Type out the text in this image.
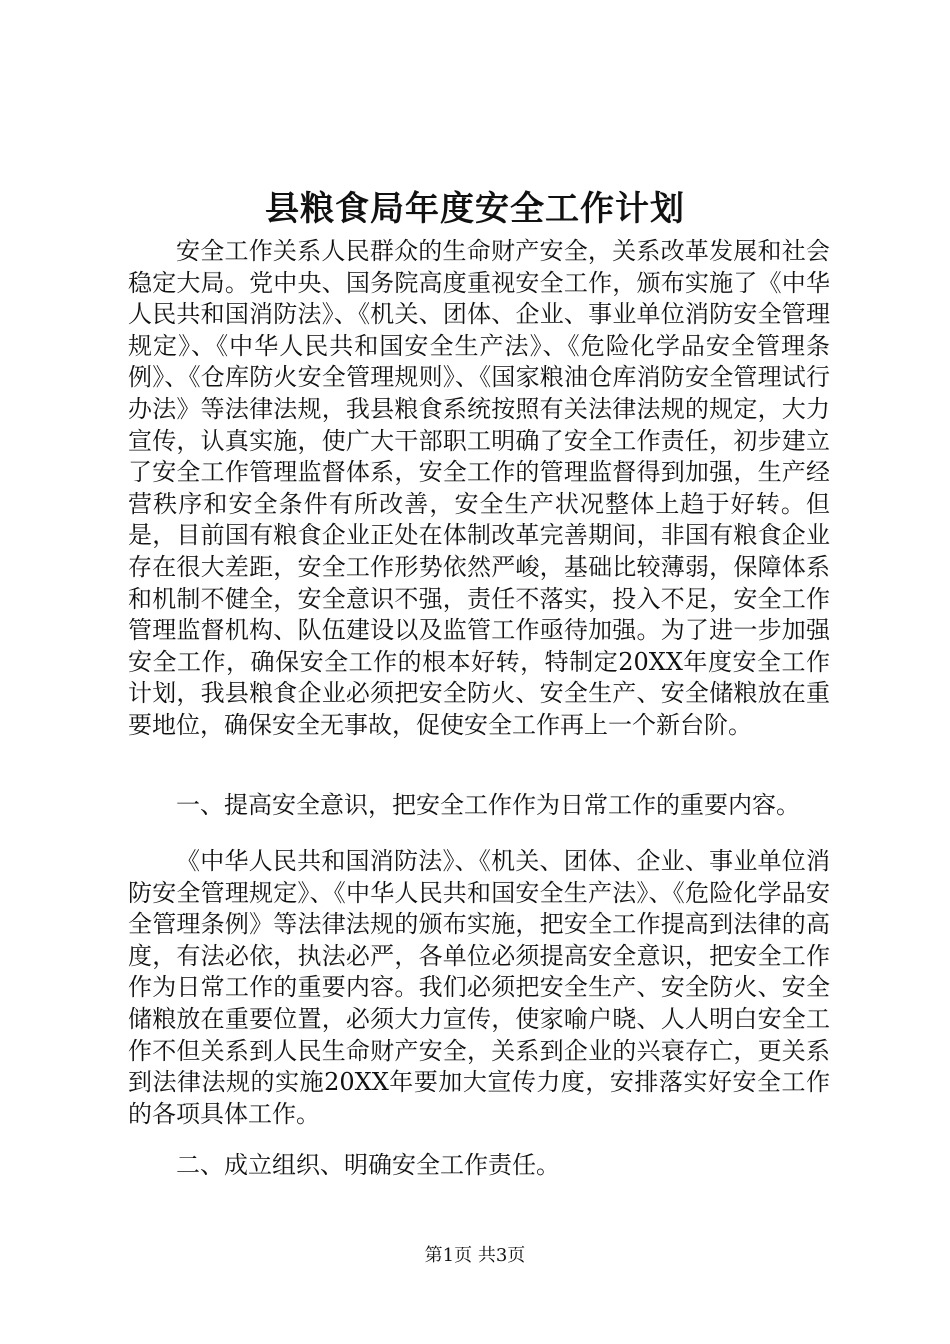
县粮食局年度安全工作计划

安全工作关系人民群众的生命财产安全，关系改革发展和社会稳定大局。党中央、国务院高度重视安全工作，颁布实施了《中华人民共和国消防法》、《机关、团体、企业、事业单位消防安全管理规定》、《中华人民共和国安全生产法》、《危险化学品安全管理条例》、《仓库防火安全管理规则》、《国家粮油仓库消防安全管理试行办法》等法律法规，我县粮食系统按照有关法律法规的规定，大力宣传，认真实施，使广大干部职工明确了安全工作责任，初步建立了安全工作管理监督体系，安全工作的管理监督得到加强，生产经营秩序和安全条件有所改善，安全生产状况整体上趋于好转。但是，目前国有粮食企业正处在体制改革完善期间，非国有粮食企业存在很大差距，安全工作形势依然严峻，基础比较薄弱，保障体系和机制不健全，安全意识不强，责任不落实，投入不足，安全工作管理监督机构、队伍建设以及监管工作亟待加强。为了进一步加强安全工作，确保安全工作的根本好转，特制定20XX年度安全工作计划，我县粮食企业必须把安全防火、安全生产、安全储粮放在重要地位，确保安全无事故，促使安全工作再上一个新台阶。

一、提高安全意识，把安全工作作为日常工作的重要内容。

《中华人民共和国消防法》、《机关、团体、企业、事业单位消防安全管理规定》、《中华人民共和国安全生产法》、《危险化学品安全管理条例》等法律法规的颁布实施，把安全工作提高到法律的高度，有法必依，执法必严，各单位必须提高安全意识，把安全工作作为日常工作的重要内容。我们必须把安全生产、安全防火、安全储粮放在重要位置，必须大力宣传，使家喻户晓、人人明白安全工作不但关系到人民生命财产安全，关系到企业的兴衰存亡，更关系到法律法规的实施20XX年要加大宣传力度，安排落实好安全工作的各项具体工作。

二、成立组织、明确安全工作责任。

第1页 共3页
